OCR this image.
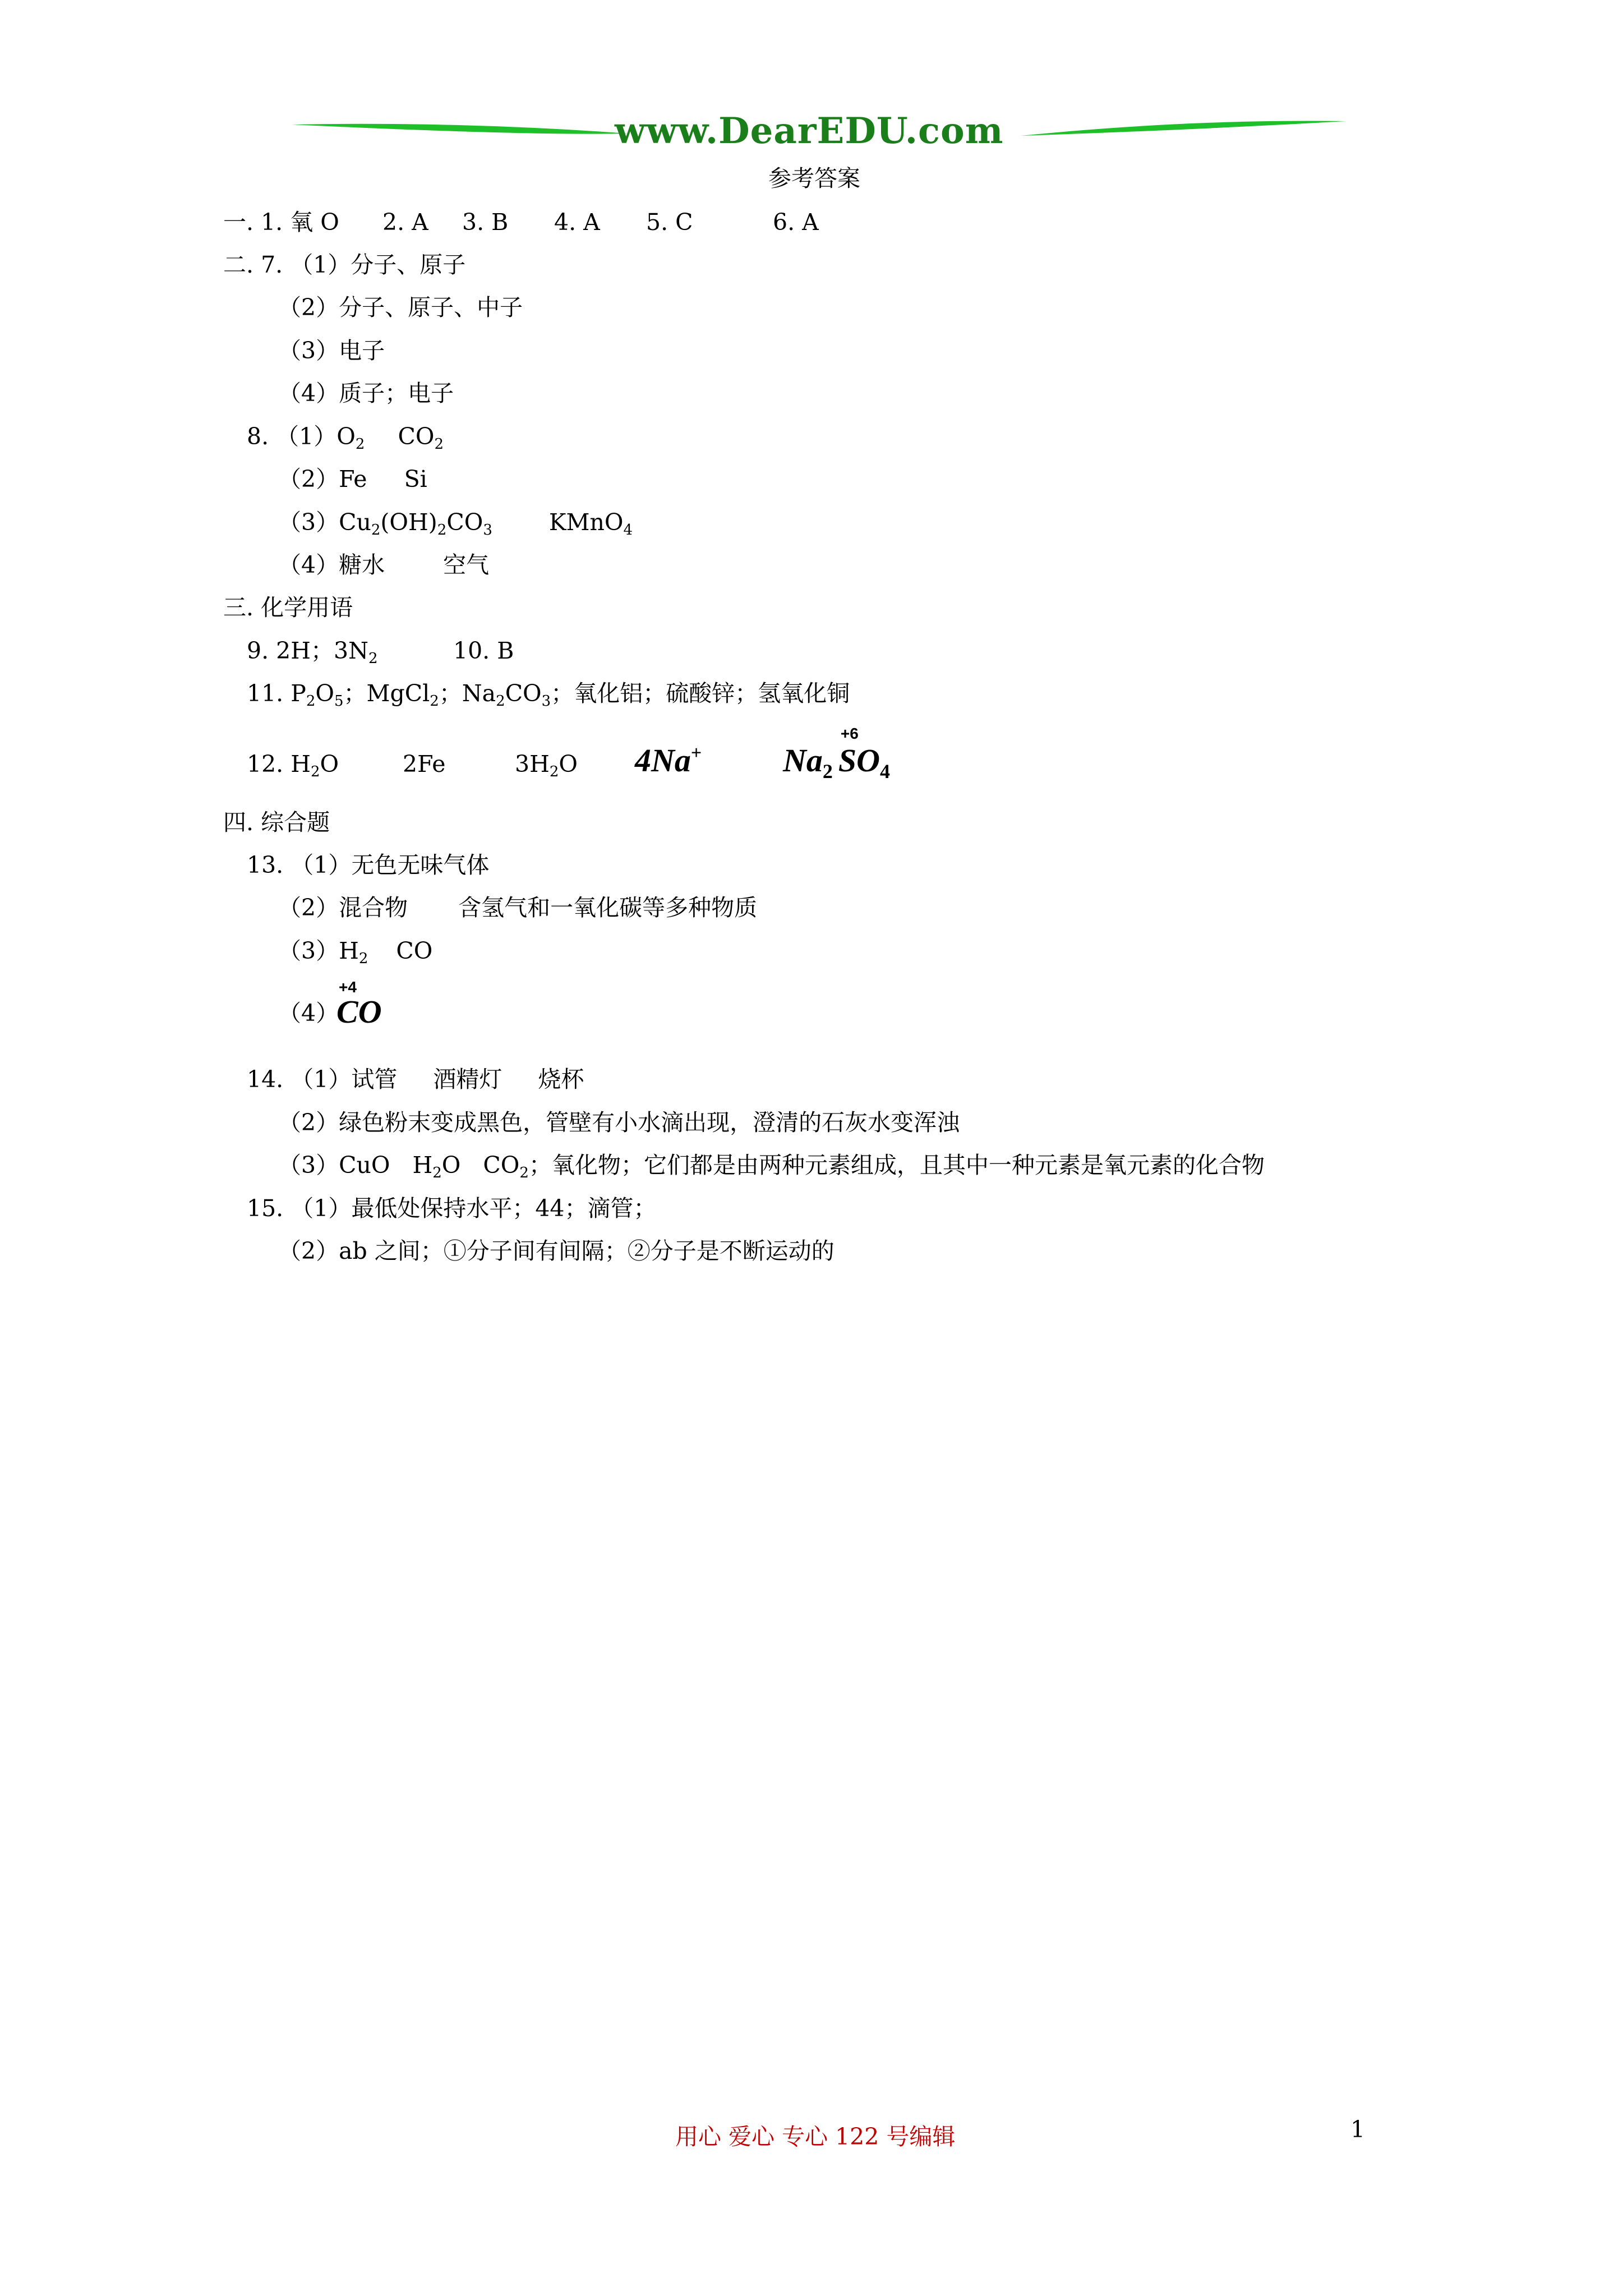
www.DearEDU.com
参考答案
一. 1. 氧 O 2. A 3. B 4. A 5. C	6. A
二. 7. （1）分子、原子
（2）分子、原子、中子
（3）电子
（4）质子；电子
8. $(1)O_2$ $CO_2$
（2）Fe Si
$(3)Cu_2(OH)_2CO_3$ KMnO$_4$
（4）糖水	空气
三. 化学用语
9. 2H；$3N_2$	10. B
11. $P_2O_5$；MgCl$_2$；$Na_2CO_3$；氧化铝；硫酸锌；氢氧化铜
12. $H_2O$	2Fe	$3H_2O$ 4Na+ $Na_2$
+6
$SO_4$
四. 综合题
13. （1）无色无味气体
（2）混合物 含氢气和一氧化碳等多种物质
$(3)H_2$ CO
（4）
+4
CO
14. （1）试管 酒精灯 烧杯
（2）绿色粉末变成黑色，管壁有小水滴出现，澄清的石灰水变浑浊
（3）CuO $H_2O$ $CO_2$；氧化物；它们都是由两种元素组成，且其中一种元素是氧元素的化合物
15. （1）最低处保持水平；44；滴管；
（2）ab 之间；①分子间有间隔；②分子是不断运动的
用心 爱心 专心 122 号编辑	1
